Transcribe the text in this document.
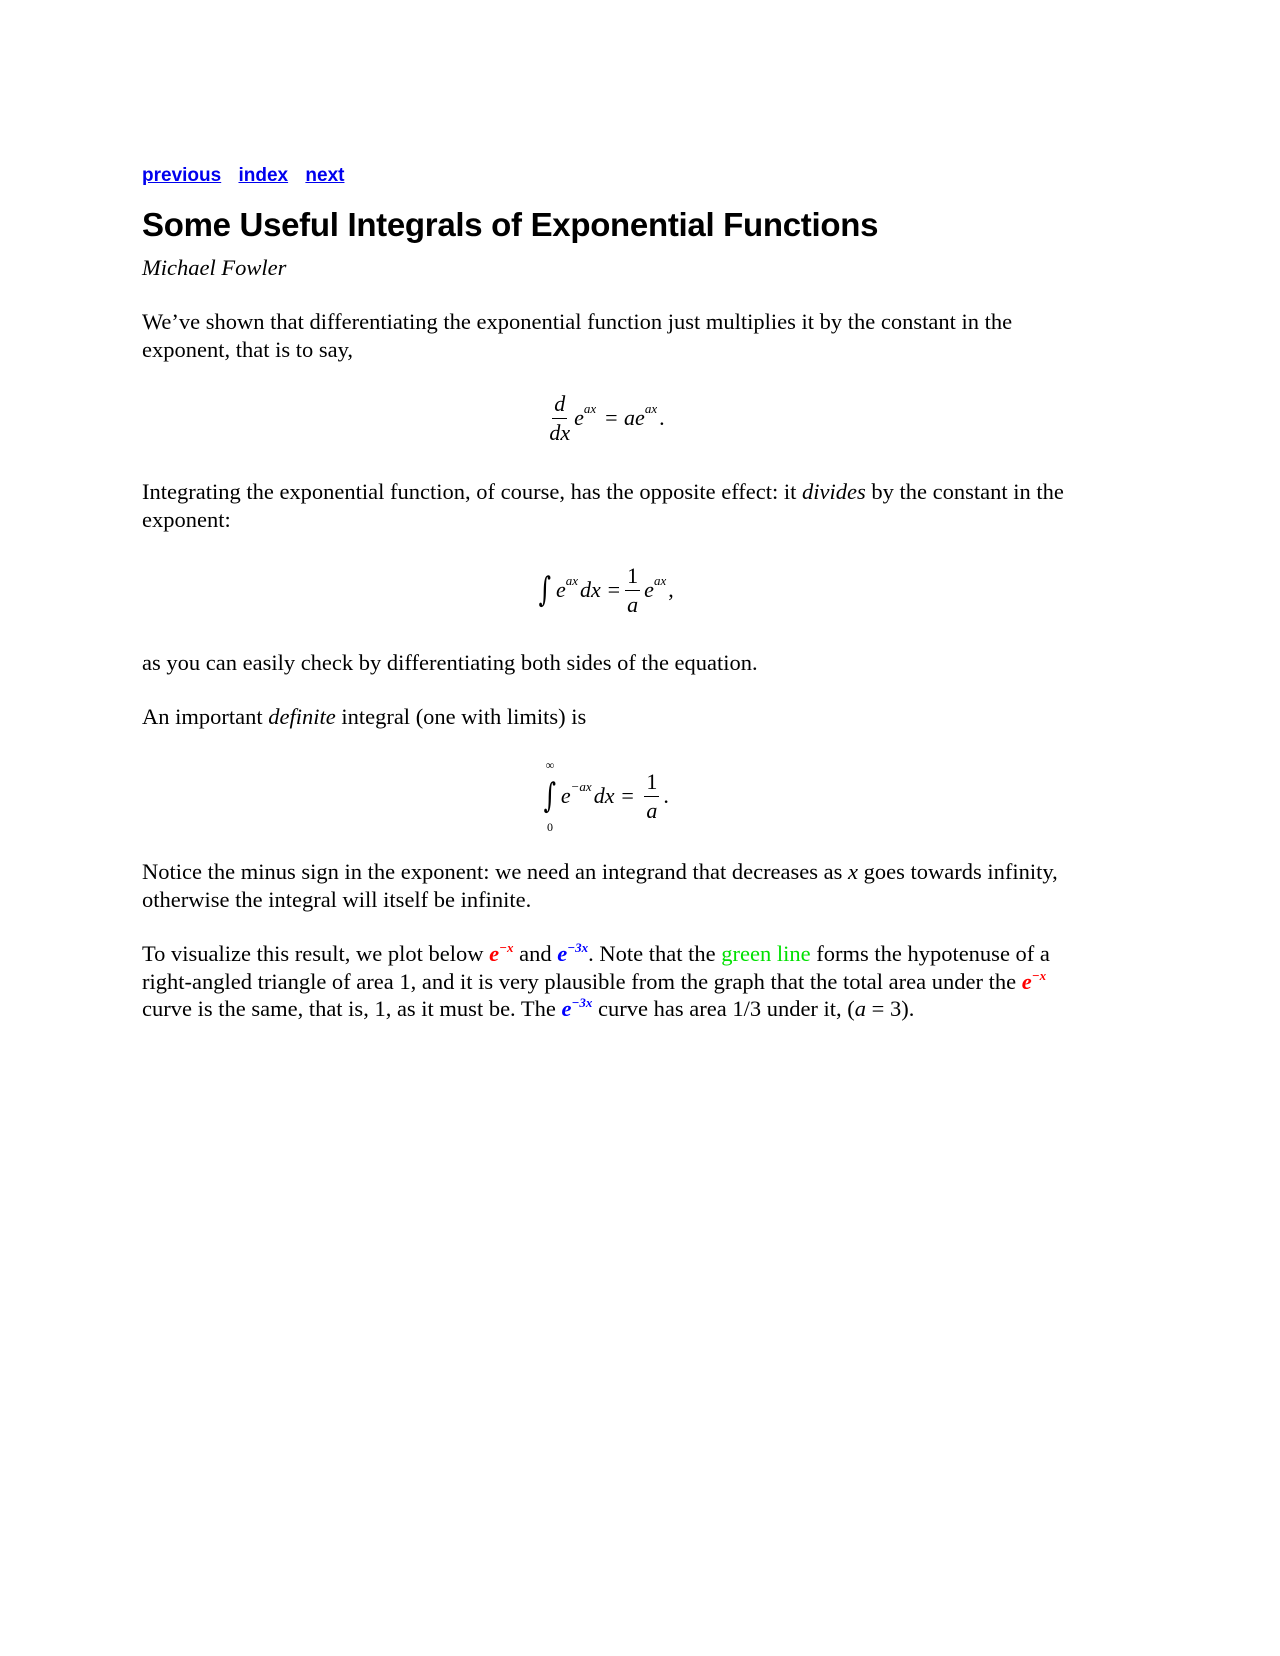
previous index next
Some Useful Integrals of Exponential Functions
Michael Fowler
We’ve shown that differentiating the exponential function just multiplies it by the constant in the exponent, that is to say,
$\frac{d}{dx} e^{ax}$
= $ae^{ax}$ .
Integrating the exponential function, of course, has the opposite effect: it divides by the constant in the exponent:
∫ $e^{ax}$ dx = $\frac{1}{a} e^{ax}$ ,
as you can easily check by differentiating both sides of the equation.
An important definite integral (one with limits) is
∞
∫
0
$e^{-ax}$ dx =
$\frac{1}{a}$ .
Notice the minus sign in the exponent: we need an integrand that decreases as x goes towards infinity, otherwise the integral will itself be infinite.
To visualize this result, we plot below $e^{-x}$ and $e^{-3x}$. Note that the green line forms the hypotenuse of a right-angled triangle of area 1, and it is very plausible from the graph that the total area under the $e^{-x}$ curve is the same, that is, 1, as it must be. The $e^{-3x}$ curve has area 1/3 under it, (a = 3).
